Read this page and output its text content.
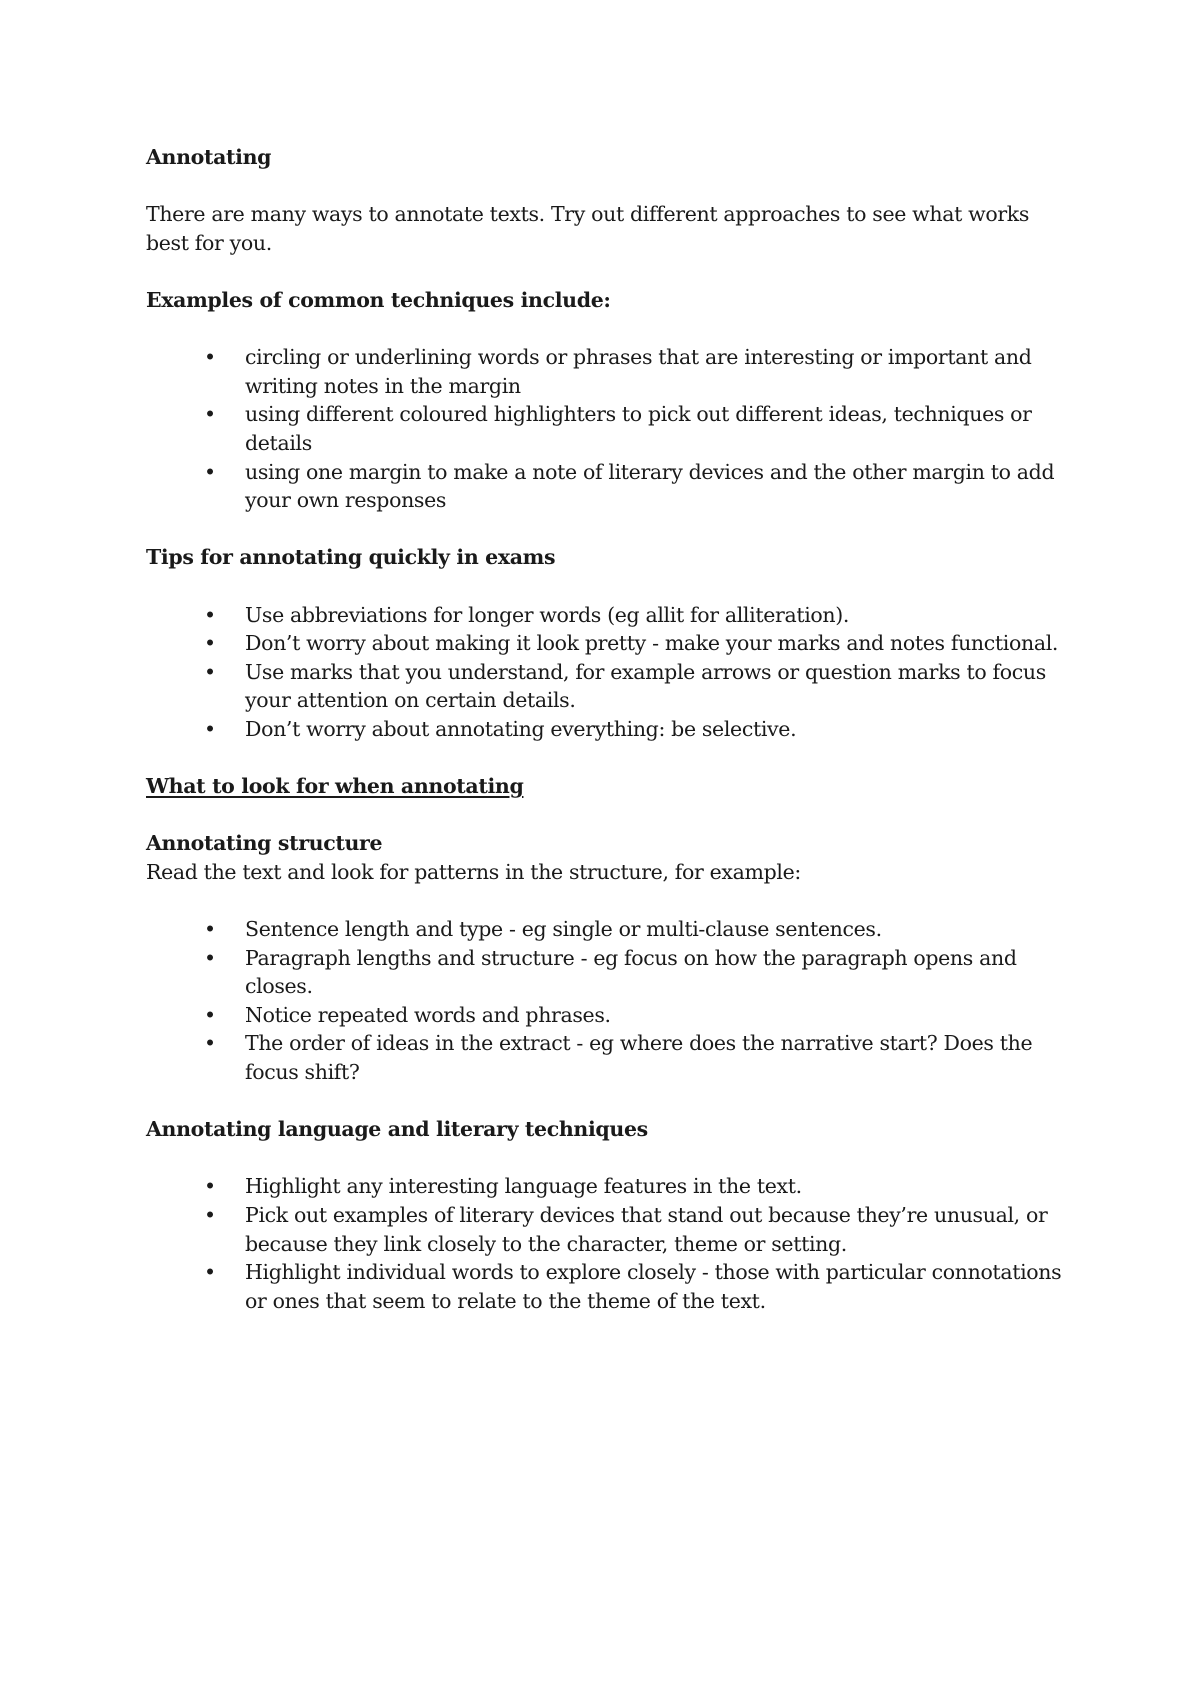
Annotating

There are many ways to annotate texts. Try out different approaches to see what works best for you.

Examples of common techniques include:

• circling or underlining words or phrases that are interesting or important and writing notes in the margin
• using different coloured highlighters to pick out different ideas, techniques or details
• using one margin to make a note of literary devices and the other margin to add your own responses

Tips for annotating quickly in exams

• Use abbreviations for longer words (eg allit for alliteration).
• Don’t worry about making it look pretty - make your marks and notes functional.
• Use marks that you understand, for example arrows or question marks to focus your attention on certain details.
• Don’t worry about annotating everything: be selective.

What to look for when annotating

Annotating structure

Read the text and look for patterns in the structure, for example:

• Sentence length and type - eg single or multi-clause sentences.
• Paragraph lengths and structure - eg focus on how the paragraph opens and closes.
• Notice repeated words and phrases.
• The order of ideas in the extract - eg where does the narrative start? Does the focus shift?

Annotating language and literary techniques

• Highlight any interesting language features in the text.
• Pick out examples of literary devices that stand out because they’re unusual, or because they link closely to the character, theme or setting.
• Highlight individual words to explore closely - those with particular connotations or ones that seem to relate to the theme of the text.
